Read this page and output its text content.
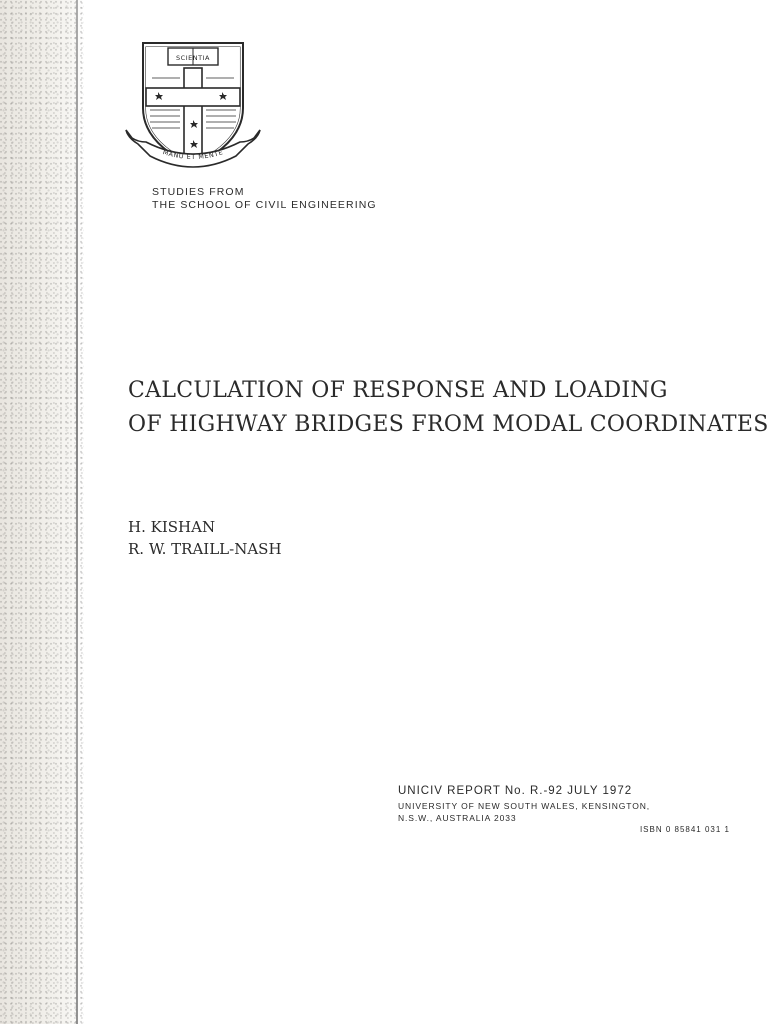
SCIENTIA
MANU ET MENTE
STUDIES FROM
THE SCHOOL OF CIVIL ENGINEERING
CALCULATION OF RESPONSE AND LOADING
OF HIGHWAY BRIDGES FROM MODAL COORDINATES
H. KISHAN
R. W. TRAILL-NASH
UNICIV REPORT No. R.-92 JULY 1972
UNIVERSITY OF NEW SOUTH WALES, KENSINGTON,
N.S.W., AUSTRALIA 2033
ISBN 0 85841 031 1
